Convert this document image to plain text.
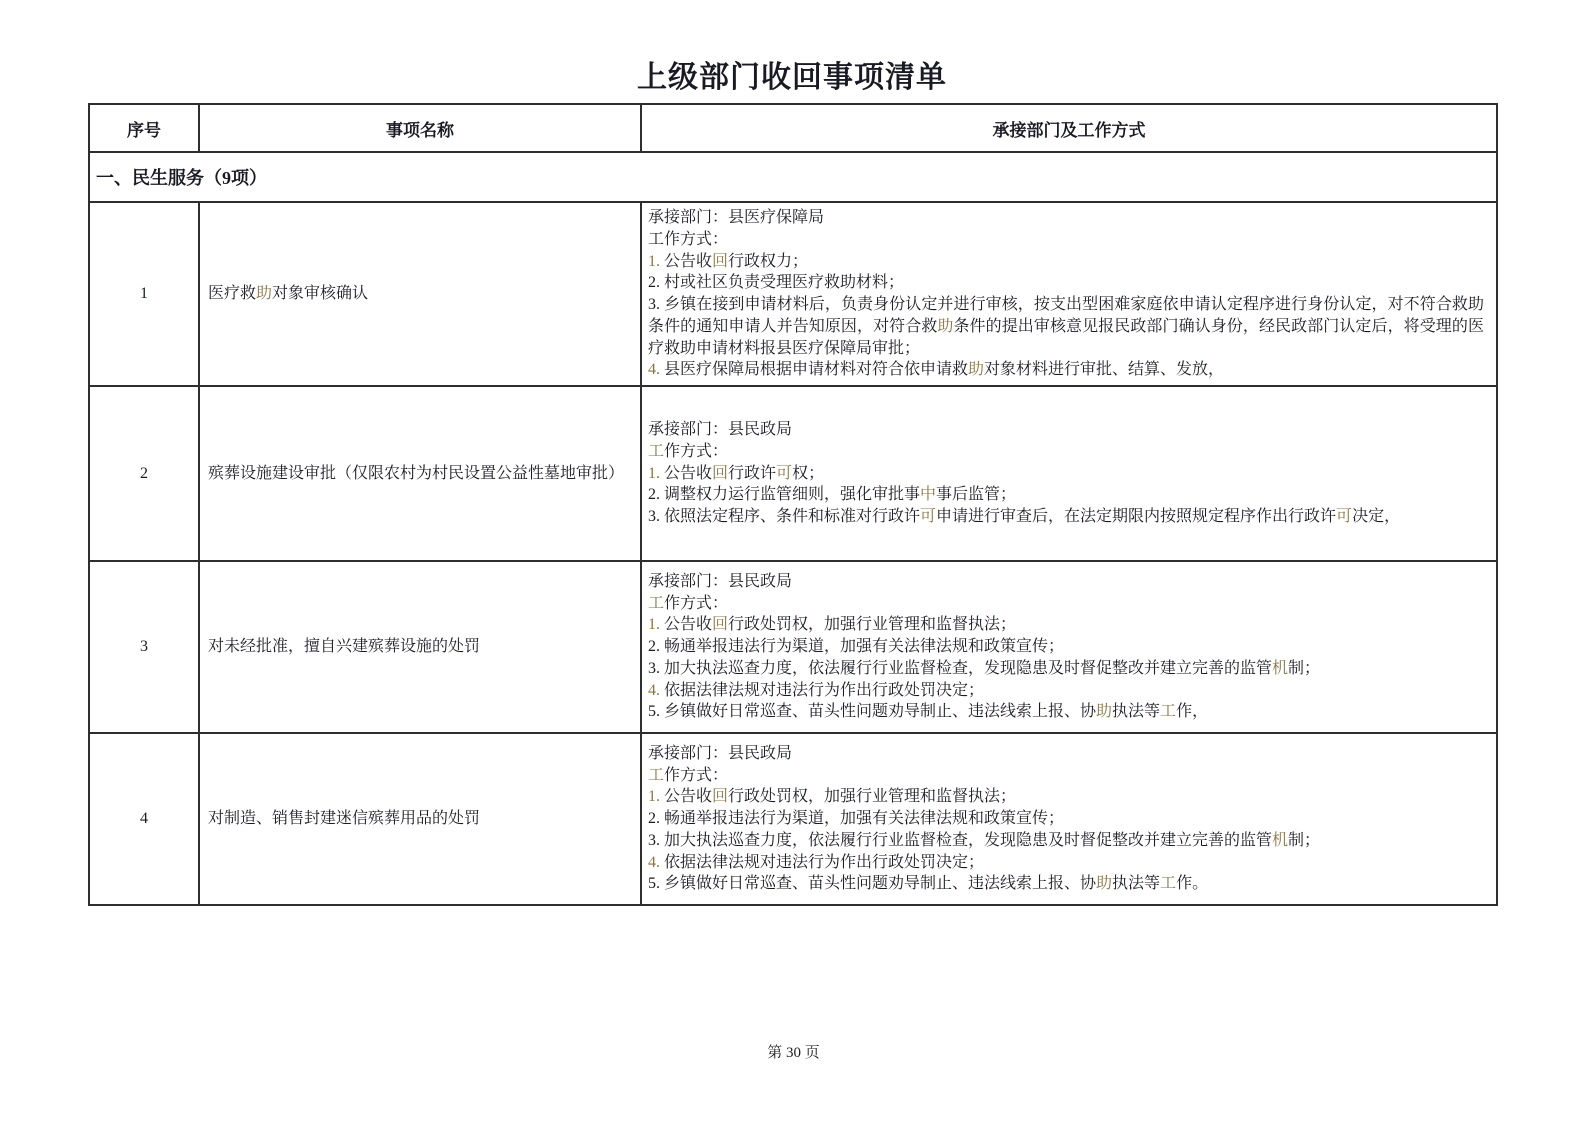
上级部门收回事项清单
序号	事项名称	承接部门及工作方式
一、民生服务（9项）		
1	医疗救助对象审核确认	
承接部门：县医疗保障局
工作方式：
1. 公告收回行政权力；
2. 村或社区负责受理医疗救助材料；
3. 乡镇在接到申请材料后，负责身份认定并进行审核，按支出型困难家庭依申请认定程序进行身份认定，对不符合救助条件的通知申请人并告知原因，对符合救助条件的提出审核意见报民政部门确认身份，经民政部门认定后，将受理的医疗救助申请材料报县医疗保障局审批；
4. 县医疗保障局根据申请材料对符合依申请救助对象材料进行审批、结算、发放，

2	殡葬设施建设审批（仅限农村为村民设置公益性墓地审批）	承接部门：县民政局
工作方式：
1. 公告收回行政许可权；
2. 调整权力运行监管细则，强化审批事中事后监管；
3. 依照法定程序、条件和标准对行政许可申请进行审查后，在法定期限内按照规定程序作出行政许可决定，

3	对未经批准，擅自兴建殡葬设施的处罚	
承接部门：县民政局
工作方式：
1. 公告收回行政处罚权，加强行业管理和监督执法；
2. 畅通举报违法行为渠道，加强有关法律法规和政策宣传；
3. 加大执法巡查力度，依法履行行业监督检查，发现隐患及时督促整改并建立完善的监管机制；
4. 依据法律法规对违法行为作出行政处罚决定；
5. 乡镇做好日常巡查、苗头性问题劝导制止、违法线索上报、协助执法等工作，

4	对制造、销售封建迷信殡葬用品的处罚	
承接部门：县民政局
工作方式：
1. 公告收回行政处罚权，加强行业管理和监督执法；
2. 畅通举报违法行为渠道，加强有关法律法规和政策宣传；
3. 加大执法巡查力度，依法履行行业监督检查，发现隐患及时督促整改并建立完善的监管机制；
4. 依据法律法规对违法行为作出行政处罚决定；
5. 乡镇做好日常巡查、苗头性问题劝导制止、违法线索上报、协助执法等工作。
第 30 页
